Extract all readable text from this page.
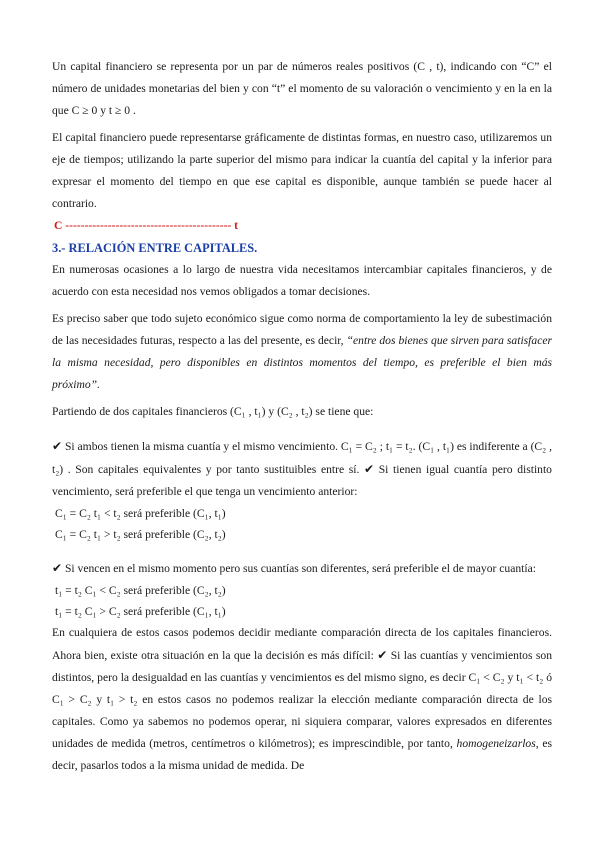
Un capital financiero se representa por un par de números reales positivos (C , t), indicando con “C” el número de unidades monetarias del bien y con “t” el momento de su valoración o vencimiento y en la en la que C ≥ 0 y t ≥ 0 .

El capital financiero puede representarse gráficamente de distintas formas, en nuestro caso, utilizaremos un eje de tiempos; utilizando la parte superior del mismo para indicar la cuantía del capital y la inferior para expresar el momento del tiempo en que ese capital es disponible, aunque también se puede hacer al contrario.

C ------------------------------------------- t

3.- RELACIÓN ENTRE CAPITALES.

En numerosas ocasiones a lo largo de nuestra vida necesitamos intercambiar capitales financieros, y de acuerdo con esta necesidad nos vemos obligados a tomar decisiones.

Es preciso saber que todo sujeto económico sigue como norma de comportamiento la ley de subestimación de las necesidades futuras, respecto a las del presente, es decir, “entre dos bienes que sirven para satisfacer la misma necesidad, pero disponibles en distintos momentos del tiempo, es preferible el bien más próximo”.

Partiendo de dos capitales financieros (C₁ , t₁) y (C₂ , t₂) se tiene que:

✔ Si ambos tienen la misma cuantía y el mismo vencimiento. C₁ = C₂ ; t₁ = t₂. (C₁ , t₁) es indiferente a (C₂ , t₂) . Son capitales equivalentes y por tanto sustituibles entre sí. ✔ Si tienen igual cuantía pero distinto vencimiento, será preferible el que tenga un vencimiento anterior:

C₁ = C₂ t₁ < t₂ será preferible (C₁, t₁)

C₁ = C₂ t₁ > t₂ será preferible (C₂, t₂)

✔ Si vencen en el mismo momento pero sus cuantías son diferentes, será preferible el de mayor cuantía:

t₁ = t₂ C₁ < C₂ será preferible (C₂, t₂)

t₁ = t₂ C₁ > C₂ será preferible (C₁, t₁)

En cualquiera de estos casos podemos decidir mediante comparación directa de los capitales financieros. Ahora bien, existe otra situación en la que la decisión es más difícil: ✔ Si las cuantías y vencimientos son distintos, pero la desigualdad en las cuantías y vencimientos es del mismo signo, es decir C₁ < C₂ y t₁ < t₂ ó C₁ > C₂ y t₁ > t₂ en estos casos no podemos realizar la elección mediante comparación directa de los capitales. Como ya sabemos no podemos operar, ni siquiera comparar, valores expresados en diferentes unidades de medida (metros, centímetros o kilómetros); es imprescindible, por tanto, homogeneizarlos, es decir, pasarlos todos a la misma unidad de medida. De
